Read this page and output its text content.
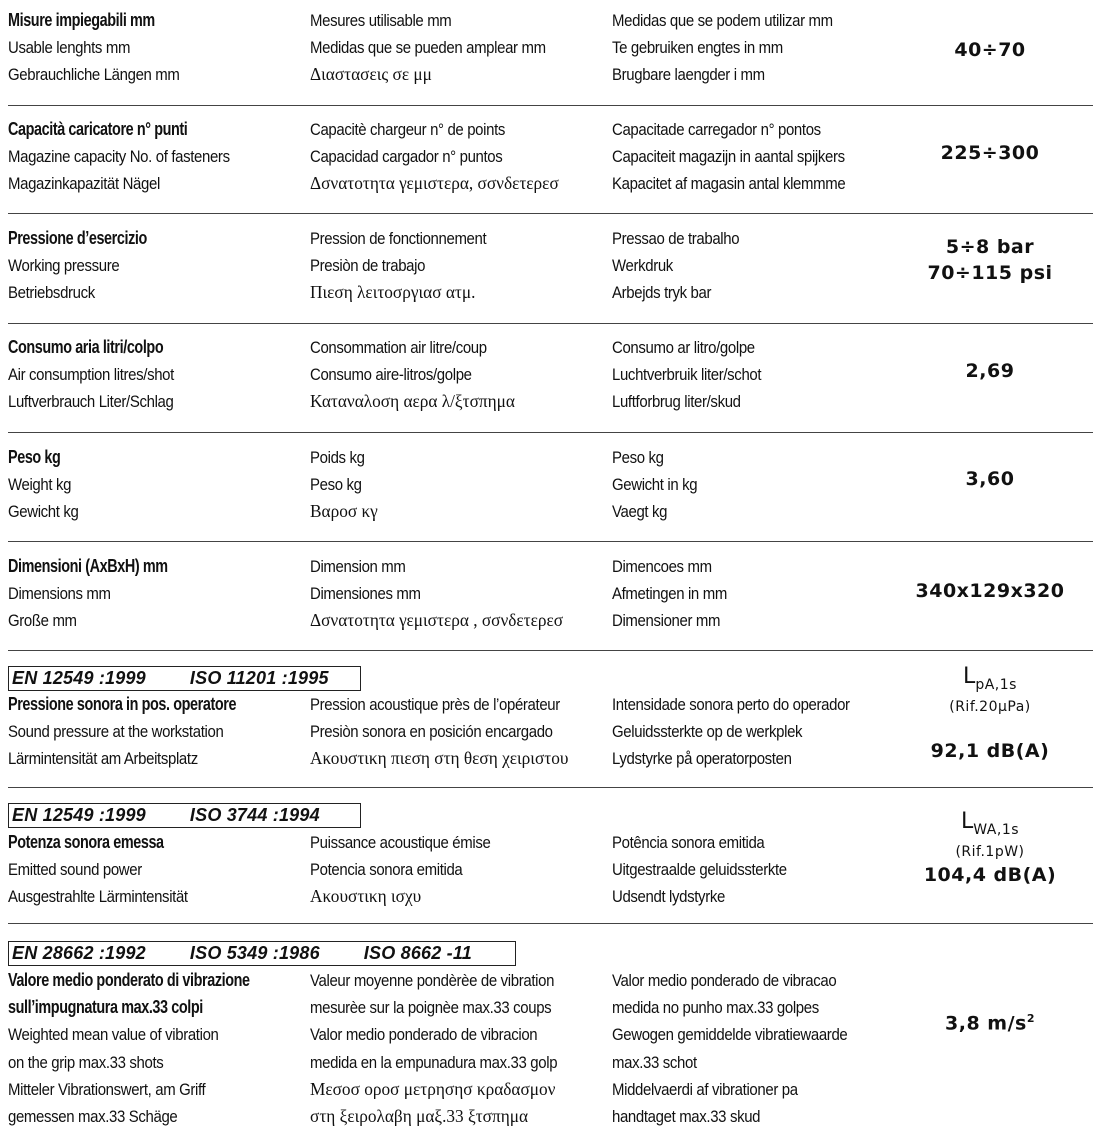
Misure impiegabili mm
Usable lenghts mm
Gebrauchliche Längen mm
Mesures utilisable mm
Medidas que se pueden amplear mm
Διαστασεις σε μμ
Medidas que se podem utilizar mm
Te gebruiken engtes in mm
Brugbare laengder i mm
40÷70
Capacità caricatore n° punti
Magazine capacity No. of fasteners
Magazinkapazität Nägel
Capacitè chargeur n° de points
Capacidad cargador n° puntos
Δσνατοτητα γεμιστερα, σσνδετερεσ
Capacitade carregador n° pontos
Capaciteit magazijn in aantal spijkers
Kapacitet af magasin antal klemmme
225÷300
Pressione d’esercizio
Working pressure
Betriebsdruck
Pression de fonctionnement
Presiòn de trabajo
Πιεση λειτοσργιασ ατμ.
Pressao de trabalho
Werkdruk
Arbejds tryk bar
5÷8 bar
70÷115 psi
Consumo aria litri/colpo
Air consumption litres/shot
Luftverbrauch Liter/Schlag
Consommation air litre/coup
Consumo aire-litros/golpe
Καταναλοση αερα λ/ξτσπημα
Consumo ar litro/golpe
Luchtverbruik liter/schot
Luftforbrug liter/skud
2,69
Peso kg
Weight kg
Gewicht kg
Poids kg
Peso kg
Βαροσ κγ
Peso kg
Gewicht in kg
Vaegt kg
3,60
Dimensioni (AxBxH) mm
Dimensions mm
Große mm
Dimension mm
Dimensiones mm
Δσνατοτητα γεμιστερα , σσνδετερεσ
Dimencoes mm
Afmetingen in mm
Dimensioner mm
340x129x320
EN 12549 :1999 ISO 11201 :1995
Pressione sonora in pos. operatore
Sound pressure at the workstation
Lärmintensität am Arbeitsplatz
Pression acoustique près de l’opérateur
Presiòn sonora en posición encargado
Ακουστικη πιεση στη θεση χειριστου
Intensidade sonora perto do operador
Geluidssterkte op de werkplek
Lydstyrke på operatorposten
LpA,1s
(Rif.20μPa)
92,1 dB(A)
EN 12549 :1999 ISO 3744 :1994
Potenza sonora emessa
Emitted sound power
Ausgestrahlte Lärmintensität
Puissance acoustique émise
Potencia sonora emitida
Ακουστικη ισχυ
Potência sonora emitida
Uitgestraalde geluidssterkte
Udsendt lydstyrke
LWA,1s
(Rif.1pW)
104,4 dB(A)
EN 28662 :1992 ISO 5349 :1986 ISO 8662 -11
Valore medio ponderato di vibrazione
sull’impugnatura max.33 colpi
Weighted mean value of vibration
on the grip max.33 shots
Mitteler Vibrationswert, am Griff
gemessen max.33 Schäge
Valeur moyenne pondèrèe de vibration
mesurèe sur la poignèe max.33 coups
Valor medio ponderado de vibracion
medida en la empunadura max.33 golp
Μεσοσ οροσ μετρησησ κραδασμον
στη ξειρολαβη μαξ.33 ξτσπημα
Valor medio ponderado de vibracao
medida no punho max.33 golpes
Gewogen gemiddelde vibratiewaarde
max.33 schot
Middelvaerdi af vibrationer pa
handtaget max.33 skud
3,8 $m/s^2$
